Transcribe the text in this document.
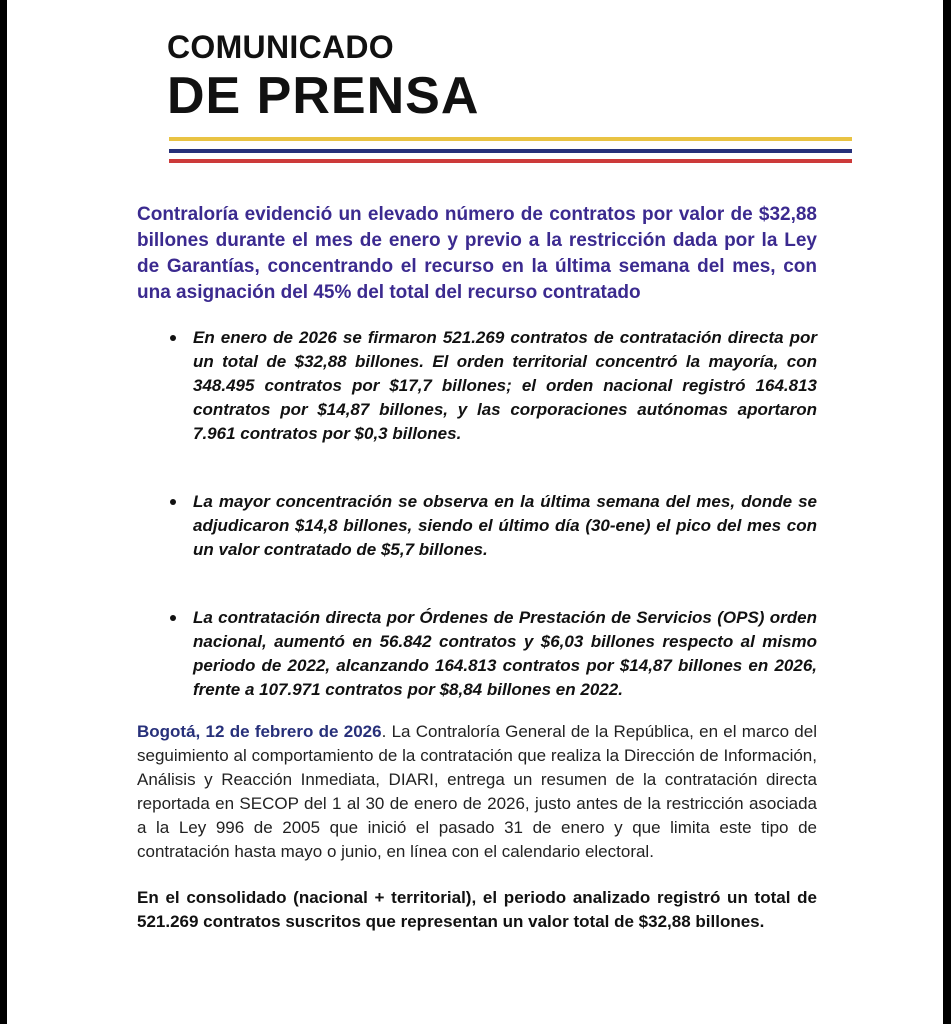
COMUNICADO
DE PRENSA

Contraloría evidenció un elevado número de contratos por valor de $32,88 billones durante el mes de enero y previo a la restricción dada por la Ley de Garantías, concentrando el recurso en la última semana del mes, con una asignación del 45% del total del recurso contratado

En enero de 2026 se firmaron 521.269 contratos de contratación directa por un total de $32,88 billones. El orden territorial concentró la mayoría, con 348.495 contratos por $17,7 billones; el orden nacional registró 164.813 contratos por $14,87 billones, y las corporaciones autónomas aportaron 7.961 contratos por $0,3 billones.
La mayor concentración se observa en la última semana del mes, donde se adjudicaron $14,8 billones, siendo el último día (30-ene) el pico del mes con un valor contratado de $5,7 billones.
La contratación directa por Órdenes de Prestación de Servicios (OPS) orden nacional, aumentó en 56.842 contratos y $6,03 billones respecto al mismo periodo de 2022, alcanzando 164.813 contratos por $14,87 billones en 2026, frente a 107.971 contratos por $8,84 billones en 2022.

Bogotá, 12 de febrero de 2026. La Contraloría General de la República, en el marco del seguimiento al comportamiento de la contratación que realiza la Dirección de Información, Análisis y Reacción Inmediata, DIARI, entrega un resumen de la contratación directa reportada en SECOP del 1 al 30 de enero de 2026, justo antes de la restricción asociada a la Ley 996 de 2005 que inició el pasado 31 de enero y que limita este tipo de contratación hasta mayo o junio, en línea con el calendario electoral.

En el consolidado (nacional + territorial), el periodo analizado registró un total de 521.269 contratos suscritos que representan un valor total de $32,88 billones.
